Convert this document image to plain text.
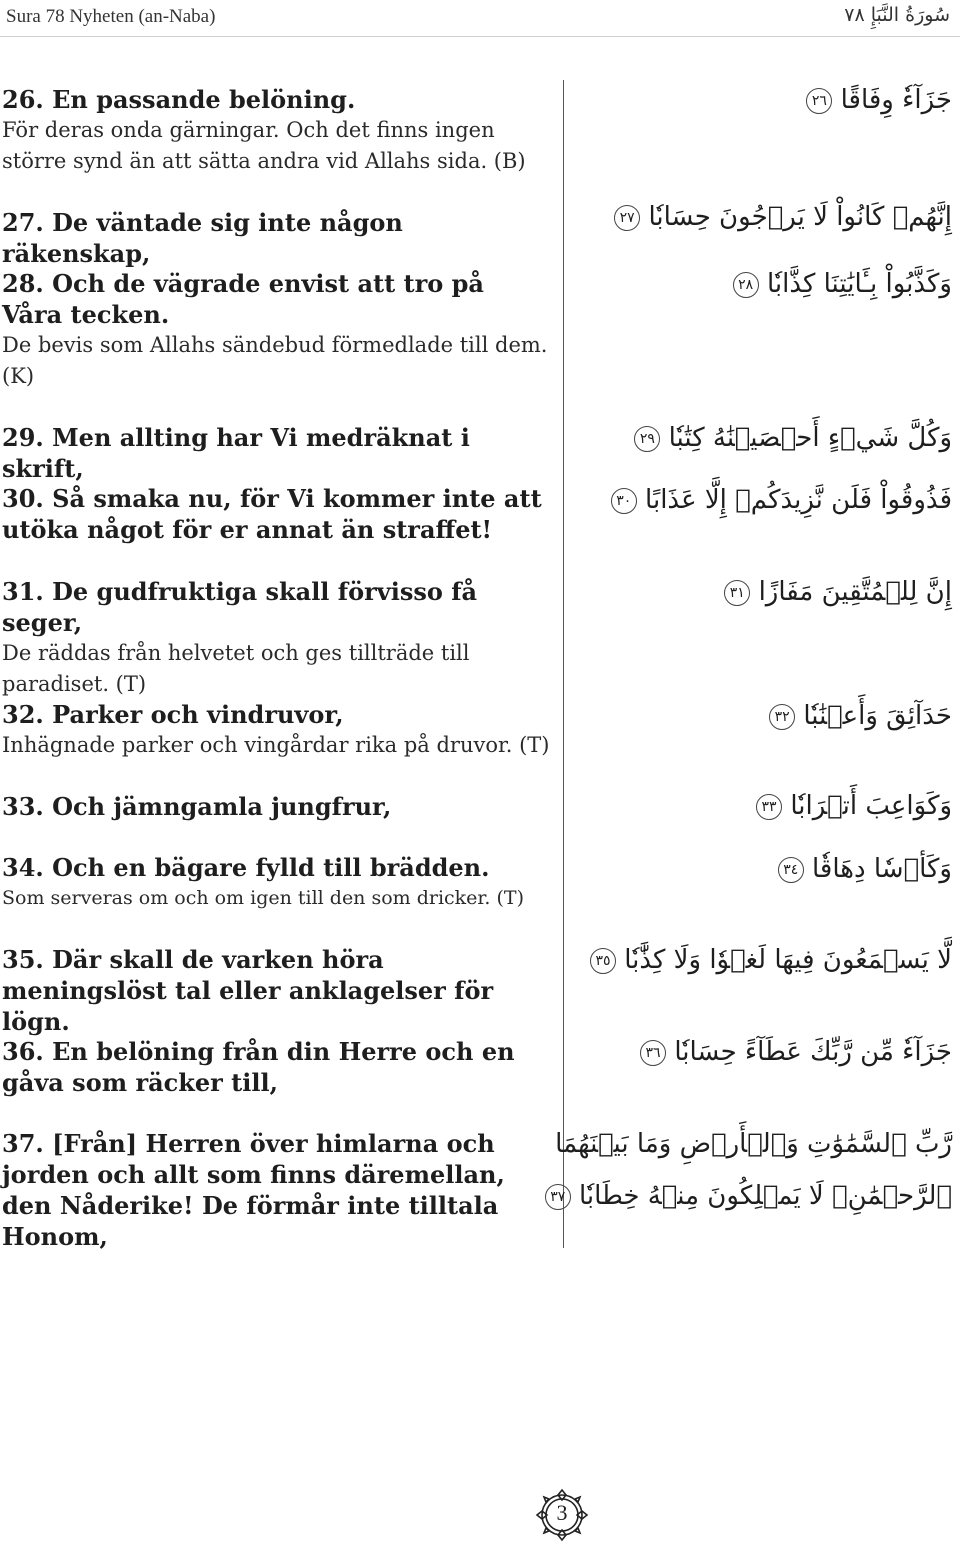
Sura 78 Nyheten (an-Naba)	سُورَةُ النَّبَإِ ٧٨
26. En passande belöning.
För deras onda gärningar. Och det finns ingen större synd än att sätta andra vid Allahs sida. (B)
جَزَآءٗ وِفَاقًا ٢٦
27. De väntade sig inte någon räkenskap,
إِنَّهُمۡ كَانُواْ لَا يَرۡجُونَ حِسَابٗا ٢٧
28. Och de vägrade envist att tro på Våra tecken.
De bevis som Allahs sändebud förmedlade till dem. (K)
وَكَذَّبُواْ بِـَٔايَٰتِنَا كِذَّابٗا ٢٨
29. Men allting har Vi medräknat i skrift,
وَكُلَّ شَيۡءٍ أَحۡصَيۡنَٰهُ كِتَٰبٗا ٢٩
30. Så smaka nu, för Vi kommer inte att utöka något för er annat än straffet!
فَذُوقُواْ فَلَن نَّزِيدَكُمۡ إِلَّا عَذَابًا ٣٠
31. De gudfruktiga skall förvisso få seger,
De räddas från helvetet och ges tillträde till paradiset. (T)
إِنَّ لِلۡمُتَّقِينَ مَفَازًا ٣١
32. Parker och vindruvor,
Inhägnade parker och vingårdar rika på druvor. (T)
حَدَآئِقَ وَأَعۡنَٰبٗا ٣٢
33. Och jämngamla jungfrur,	وَكَوَاعِبَ أَتۡرَابٗا ٣٣
34. Och en bägare fylld till brädden.
Som serveras om och om igen till den som dricker. (T)
وَكَأۡسٗا دِهَاقٗا ٣٤
35. Där skall de varken höra meningslöst tal eller anklagelser för lögn.
لَّا يَسۡمَعُونَ فِيهَا لَغۡوٗا وَلَا كِذَّٰبٗا ٣٥
36. En belöning från din Herre och en gåva som räcker till,
جَزَآءٗ مِّن رَّبِّكَ عَطَآءً حِسَابٗا ٣٦
37. [Från] Herren över himlarna och jorden och allt som finns däremellan, den Nåderike! De förmår inte tilltala Honom,
رَّبِّ ٱلسَّمَٰوَٰتِ وَٱلۡأَرۡضِ وَمَا بَيۡنَهُمَا
ٱلرَّحۡمَٰنِۖ لَا يَمۡلِكُونَ مِنۡهُ خِطَابٗا ٣٧
3
